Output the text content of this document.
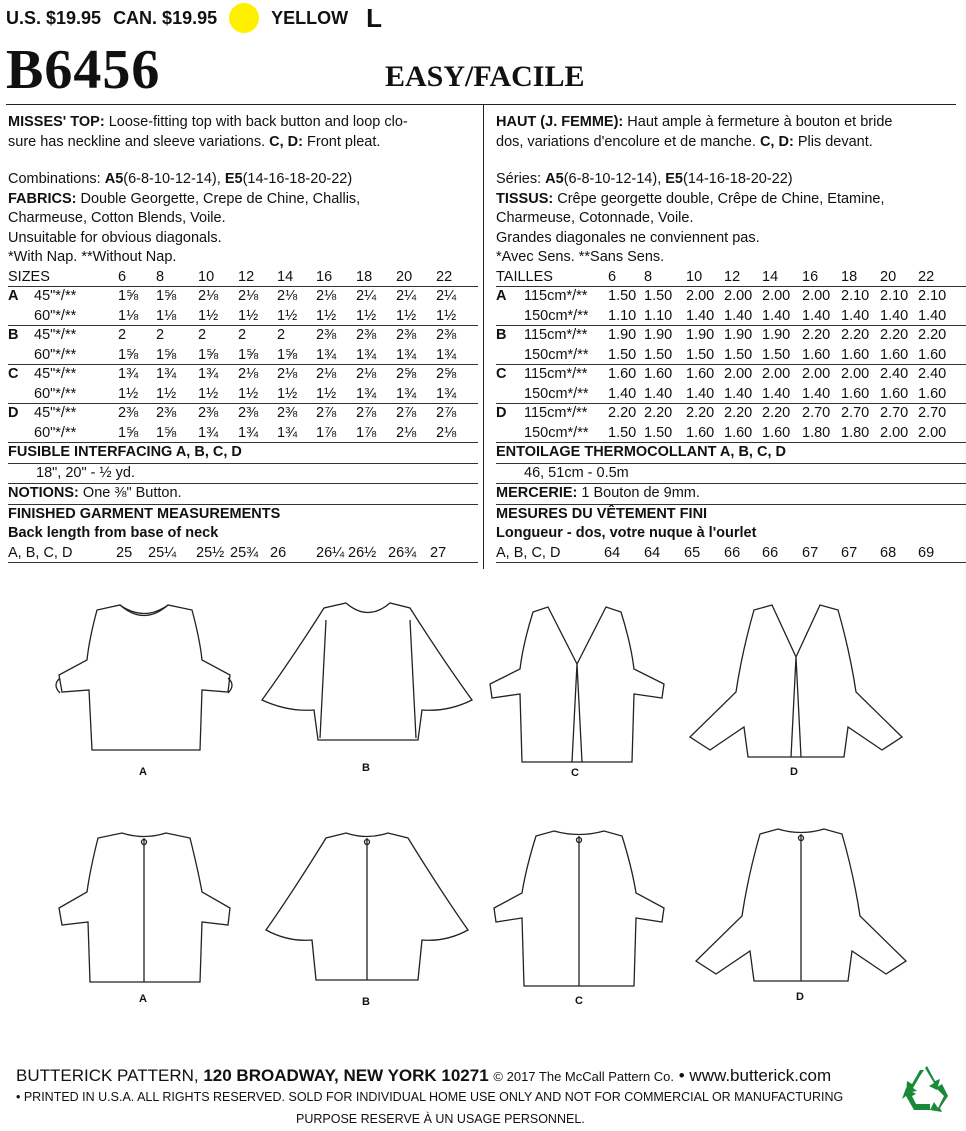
U.S. $19.95 CAN. $19.95	YELLOW L
B6456	EASY/FACILE
MISSES' TOP: Loose-fitting top with back button and loop clo-
sure has neckline and sleeve variations. C, D: Front pleat.
Combinations: A5(6-8-10-12-14), E5(14-16-18-20-22)
FABRICS: Double Georgette, Crepe de Chine, Challis,
Charmeuse, Cotton Blends, Voile.
Unsuitable for obvious diagonals.
*With Nap. **Without Nap.
SIZES	6 8 10 12 14 16 18 20 22
A 45"*/**	1⅝ 1⅝ 2⅛ 2⅛ 2⅛ 2⅛ 2¼ 2¼ 2¼
60"*/**	1⅛ 1⅛ 1½ 1½ 1½ 1½ 1½ 1½ 1½
B 45"*/**	2 2 2 2 2 2⅜ 2⅜ 2⅜ 2⅜
60"*/**	1⅝ 1⅝ 1⅝ 1⅝ 1⅝ 1¾ 1¾ 1¾ 1¾
C 45"*/**	1¾ 1¾ 1¾ 2⅛ 2⅛ 2⅛ 2⅛ 2⅝ 2⅝
60"*/**	1½ 1½ 1½ 1½ 1½ 1½ 1¾ 1¾ 1¾
D 45"*/**	2⅜ 2⅜ 2⅜ 2⅜ 2⅜ 2⅞ 2⅞ 2⅞ 2⅞
60"*/**	1⅝ 1⅝ 1¾ 1¾ 1¾ 1⅞ 1⅞ 2⅛ 2⅛
FUSIBLE INTERFACING A, B, C, D
18", 20" - ½ yd.
NOTIONS: One ⅜" Button.
FINISHED GARMENT MEASUREMENTS
Back length from base of neck
A, B, C, D	25 25¼ 25½ 25¾ 26 26¼ 26½ 26¾ 27
HAUT (J. FEMME): Haut ample à fermeture à bouton et bride
dos, variations d'encolure et de manche. C, D: Plis devant.
Séries: A5(6-8-10-12-14), E5(14-16-18-20-22)
TISSUS: Crêpe georgette double, Crêpe de Chine, Etamine,
Charmeuse, Cotonnade, Voile.
Grandes diagonales ne conviennent pas.
*Avec Sens. **Sans Sens.
TAILLES	6 8 10 12 14 16 18 20 22
A 115cm*/** 1.50 1.50 2.00 2.00 2.00 2.00 2.10 2.10 2.10
150cm*/** 1.10 1.10 1.40 1.40 1.40 1.40 1.40 1.40 1.40
B 115cm*/** 1.90 1.90 1.90 1.90 1.90 2.20 2.20 2.20 2.20
150cm*/** 1.50 1.50 1.50 1.50 1.50 1.60 1.60 1.60 1.60
C 115cm*/** 1.60 1.60 1.60 2.00 2.00 2.00 2.00 2.40 2.40
150cm*/** 1.40 1.40 1.40 1.40 1.40 1.40 1.60 1.60 1.60
D 115cm*/** 2.20 2.20 2.20 2.20 2.20 2.70 2.70 2.70 2.70
150cm*/** 1.50 1.50 1.60 1.60 1.60 1.80 1.80 2.00 2.00
ENTOILAGE THERMOCOLLANT A, B, C, D
46, 51cm - 0.5m
MERCERIE: 1 Bouton de 9mm.
MESURES DU VÊTEMENT FINI
Longueur - dos, votre nuque à l'ourlet
A, B, C, D	64 64 65 66 66 67 67 68 69
A	B	C	D
A	B	C	D
BUTTERICK PATTERN, 120 BROADWAY, NEW YORK 10271 © 2017 The McCall Pattern Co. • www.butterick.com
• PRINTED IN U.S.A. ALL RIGHTS RESERVED. SOLD FOR INDIVIDUAL HOME USE ONLY AND NOT FOR COMMERCIAL OR MANUFACTURING
PURPOSE RESERVE À UN USAGE PERSONNEL.
